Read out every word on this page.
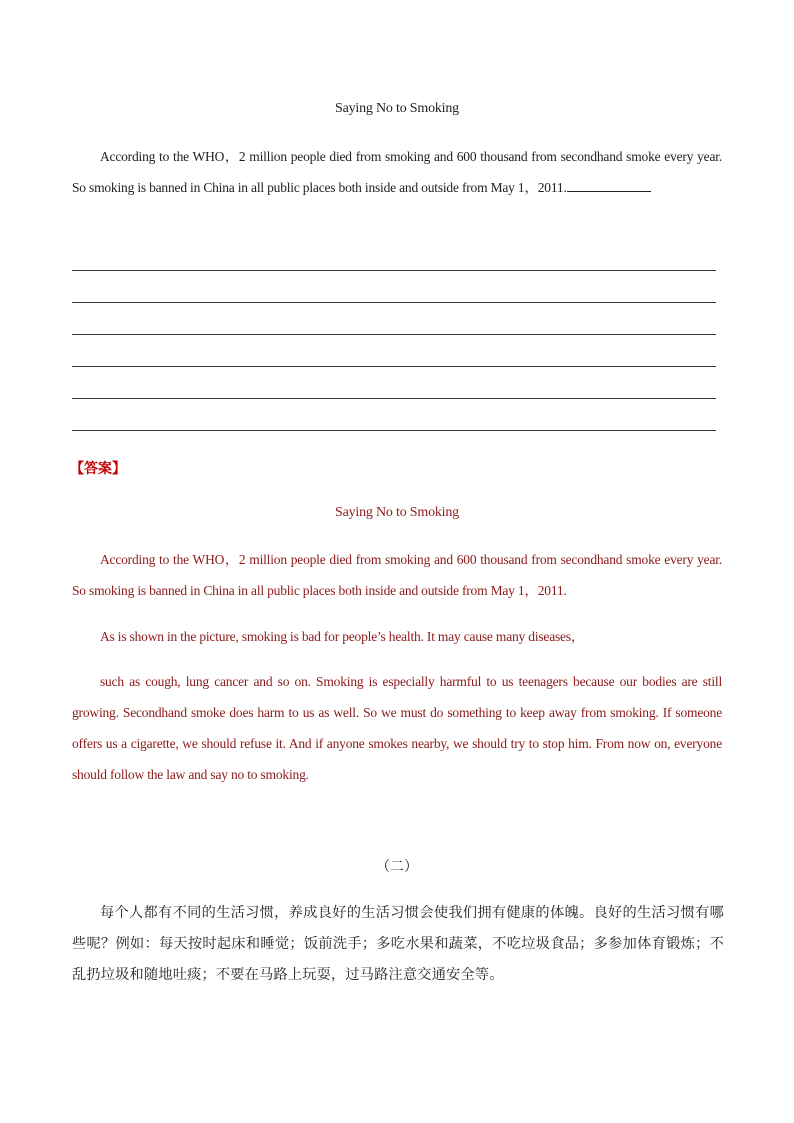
Saying No to Smoking
According to the WHO，2 million people died from smoking and 600 thousand from secondhand smoke every year. So smoking is banned in China in all public places both inside and outside from May 1，2011.
【答案】
Saying No to Smoking
According to the WHO，2 million people died from smoking and 600 thousand from secondhand smoke every year. So smoking is banned in China in all public places both inside and outside from May 1，2011.
As is shown in the picture, smoking is bad for people’s health. It may cause many diseases，
such as cough, lung cancer and so on. Smoking is especially harmful to us teenagers because our bodies are still growing. Secondhand smoke does harm to us as well. So we must do something to keep away from smoking. If someone offers us a cigarette, we should refuse it. And if anyone smokes nearby, we should try to stop him. From now on, everyone should follow the law and say no to smoking.
（二）
每个人都有不同的生活习惯，养成良好的生活习惯会使我们拥有健康的体魄。良好的生活习惯有哪些呢？例如：每天按时起床和睡觉；饭前洗手；多吃水果和蔬菜，不吃垃圾食品；多参加体育锻炼；不乱扔垃圾和随地吐痰；不要在马路上玩耍，过马路注意交通安全等。
